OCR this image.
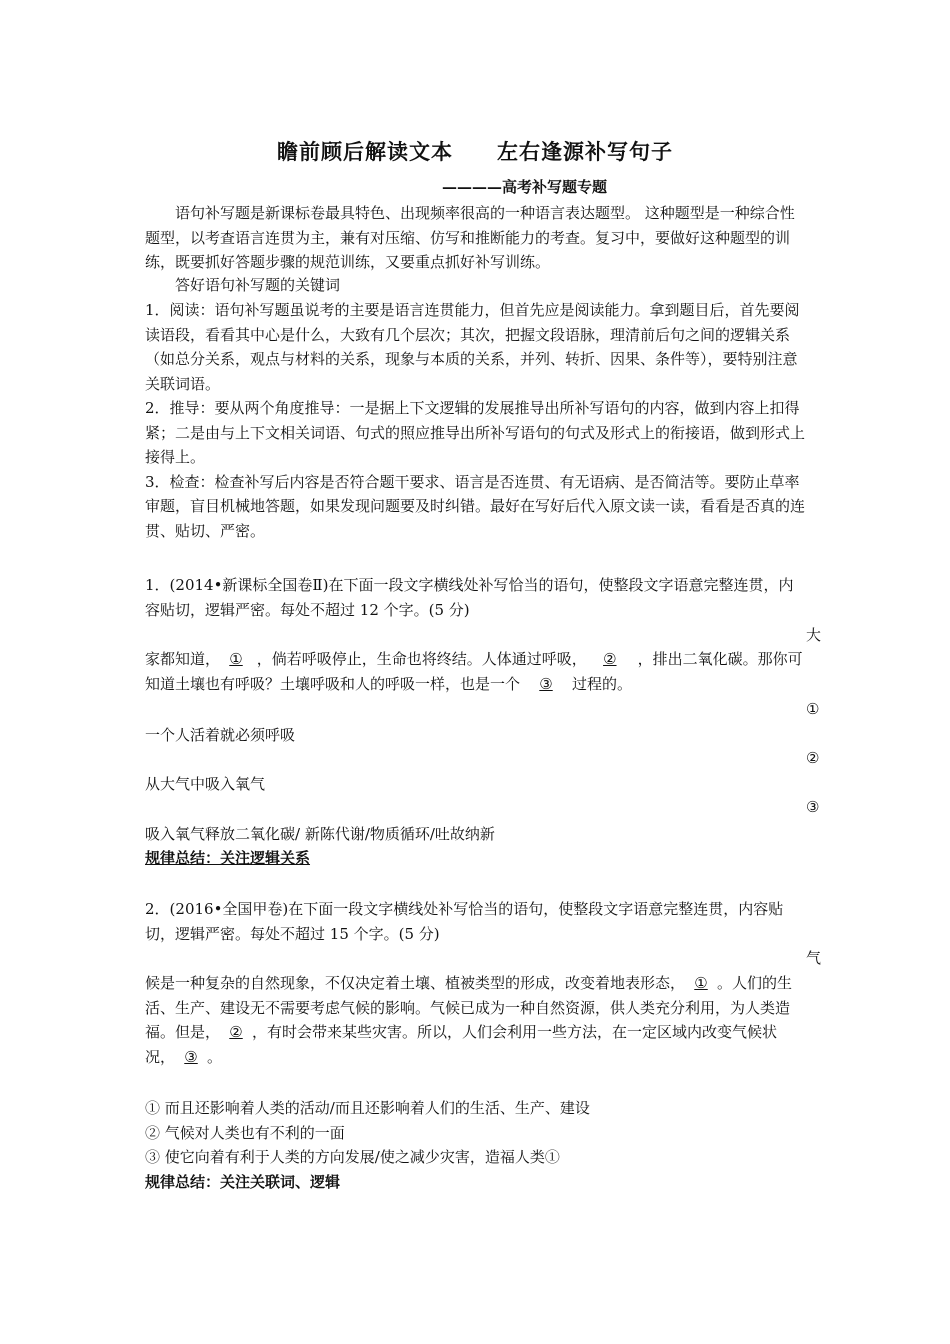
瞻前顾后解读文本 左右逢源补写句子
————高考补写题专题

语句补写题是新课标卷最具特色、出现频率很高的一种语言表达题型。 这种题型是一种综合性题型，以考查语言连贯为主，兼有对压缩、仿写和推断能力的考查。复习中，要做好这种题型的训练，既要抓好答题步骤的规范训练，又要重点抓好补写训练。

答好语句补写题的关键词

1．阅读：语句补写题虽说考的主要是语言连贯能力，但首先应是阅读能力。拿到题目后，首先要阅读语段，看看其中心是什么，大致有几个层次；其次，把握文段语脉，理清前后句之间的逻辑关系（如总分关系，观点与材料的关系，现象与本质的关系，并列、转折、因果、条件等），要特别注意关联词语。

2．推导：要从两个角度推导：一是据上下文逻辑的发展推导出所补写语句的内容，做到内容上扣得紧；二是由与上下文相关词语、句式的照应推导出所补写语句的句式及形式上的衔接语，做到形式上接得上。

3．检查：检查补写后内容是否符合题干要求、语言是否连贯、有无语病、是否简洁等。要防止草率审题，盲目机械地答题，如果发现问题要及时纠错。最好在写好后代入原文读一读，看看是否真的连贯、贴切、严密。

1．(2014•新课标全国卷Ⅱ)在下面一段文字横线处补写恰当的语句，使整段文字语意完整连贯，内容贴切，逻辑严密。每处不超过 12 个字。(5 分)
大
家都知道， ① ，倘若呼吸停止，生命也将终结。人体通过呼吸， ② ，排出二氧化碳。那你可知道土壤也有呼吸？土壤呼吸和人的呼吸一样，也是一个 ③ 过程的。
①
一个人活着就必须呼吸
②
从大气中吸入氧气
③
吸入氧气释放二氧化碳/ 新陈代谢/物质循环/吐故纳新
规律总结：关注逻辑关系
2．(2016•全国甲卷)在下面一段文字横线处补写恰当的语句，使整段文字语意完整连贯，内容贴切，逻辑严密。每处不超过 15 个字。(5 分)
气
候是一种复杂的自然现象，不仅决定着土壤、植被类型的形成，改变着地表形态， ① 。人们的生活、生产、建设无不需要考虑气候的影响。气候已成为一种自然资源，供人类充分利用，为人类造福。但是， ② ，有时会带来某些灾害。所以，人们会利用一些方法，在一定区域内改变气候状况， ③ 。

① 而且还影响着人类的活动/而且还影响着人们的生活、生产、建设

② 气候对人类也有不利的一面

③ 使它向着有利于人类的方向发展/使之减少灾害，造福人类①

规律总结：关注关联词、逻辑
